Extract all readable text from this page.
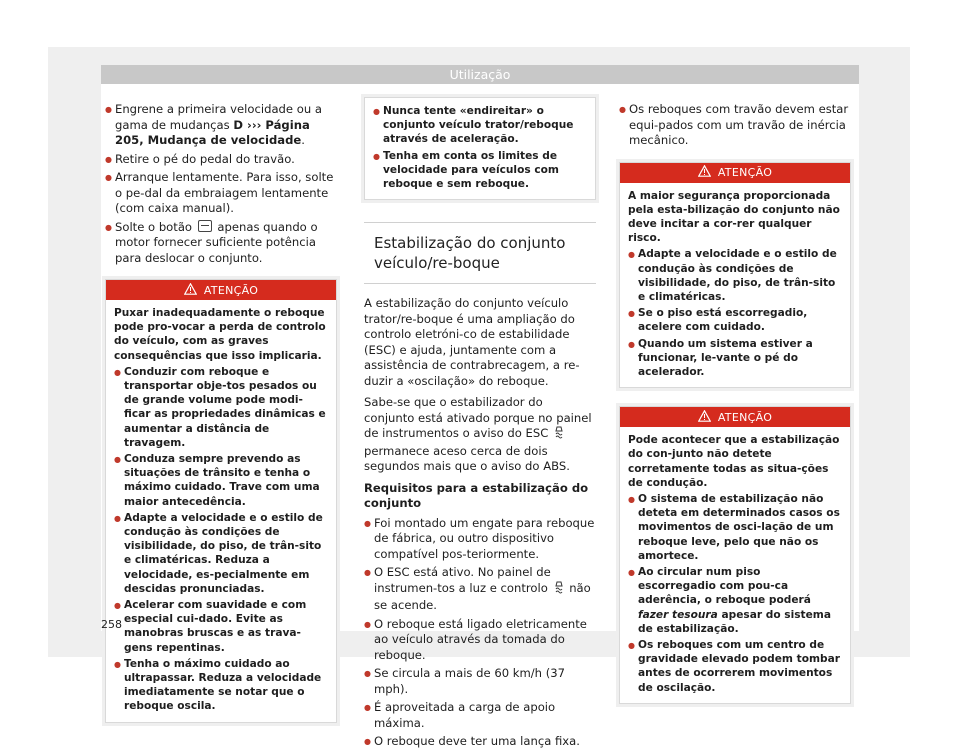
Utilização
● Engrene a primeira velocidade ou a gama de mudanças D ››› Página 205, Mudança de velocidade.
● Retire o pé do pedal do travão.
● Arranque lentamente. Para isso, solte o pe-dal da embraiagem lentamente (com caixa manual).
● Solte o botão  apenas quando o motor fornecer suficiente potência para deslocar o conjunto.
ATENÇÃO

Puxar inadequadamente o reboque pode pro-vocar a perda de controlo do veículo, com as graves consequências que isso implicaria.

● Conduzir com reboque e transportar obje-tos pesados ou de grande volume pode modi-ficar as propriedades dinâmicas e aumentar a distância de travagem.
● Conduza sempre prevendo as situações de trânsito e tenha o máximo cuidado. Trave com uma maior antecedência.
● Adapte a velocidade e o estilo de condução às condições de visibilidade, do piso, de trân-sito e climatéricas. Reduza a velocidade, es-pecialmente em descidas pronunciadas.
● Acelerar com suavidade e com especial cui-dado. Evite as manobras bruscas e as trava-gens repentinas.
● Tenha o máximo cuidado ao ultrapassar. Reduza a velocidade imediatamente se notar que o reboque oscila.
● Nunca tente «endireitar» o conjunto veículo trator/reboque através de aceleração.
● Tenha em conta os limites de velocidade para veículos com reboque e sem reboque.
Estabilização do conjunto veículo/re-boque

A estabilização do conjunto veículo trator/re-boque é uma ampliação do controlo eletróni-co de estabilidade (ESC) e ajuda, juntamente com a assistência de contrabrecagem, a re-duzir a «oscilação» do reboque.

Sabe-se que o estabilizador do conjunto está ativado porque no painel de instrumentos o aviso do ESC  permanece aceso cerca de dois segundos mais que o aviso do ABS.

Requisitos para a estabilização do conjunto

● Foi montado um engate para reboque de fábrica, ou outro dispositivo compatível pos-teriormente.
● O ESC está ativo. No painel de instrumen-tos a luz e controlo  não se acende.
● O reboque está ligado eletricamente ao veículo através da tomada do reboque.
● Se circula a mais de 60 km/h (37 mph).
● É aproveitada a carga de apoio máxima.
● O reboque deve ter uma lança fixa.
● Os reboques com travão devem estar equi-pados com um travão de inércia mecânico.
ATENÇÃO

A maior segurança proporcionada pela esta-bilização do conjunto não deve incitar a cor-rer qualquer risco.

● Adapte a velocidade e o estilo de condução às condições de visibilidade, do piso, de trân-sito e climatéricas.
● Se o piso está escorregadio, acelere com cuidado.
● Quando um sistema estiver a funcionar, le-vante o pé do acelerador.
ATENÇÃO

Pode acontecer que a estabilização do con-junto não detete corretamente todas as situa-ções de condução.

● O sistema de estabilização não deteta em determinados casos os movimentos de osci-lação de um reboque leve, pelo que não os amortece.
● Ao circular num piso escorregadio com pou-ca aderência, o reboque poderá fazer tesoura apesar do sistema de estabilização.
● Os reboques com um centro de gravidade elevado podem tombar antes de ocorrerem movimentos de oscilação.
258
